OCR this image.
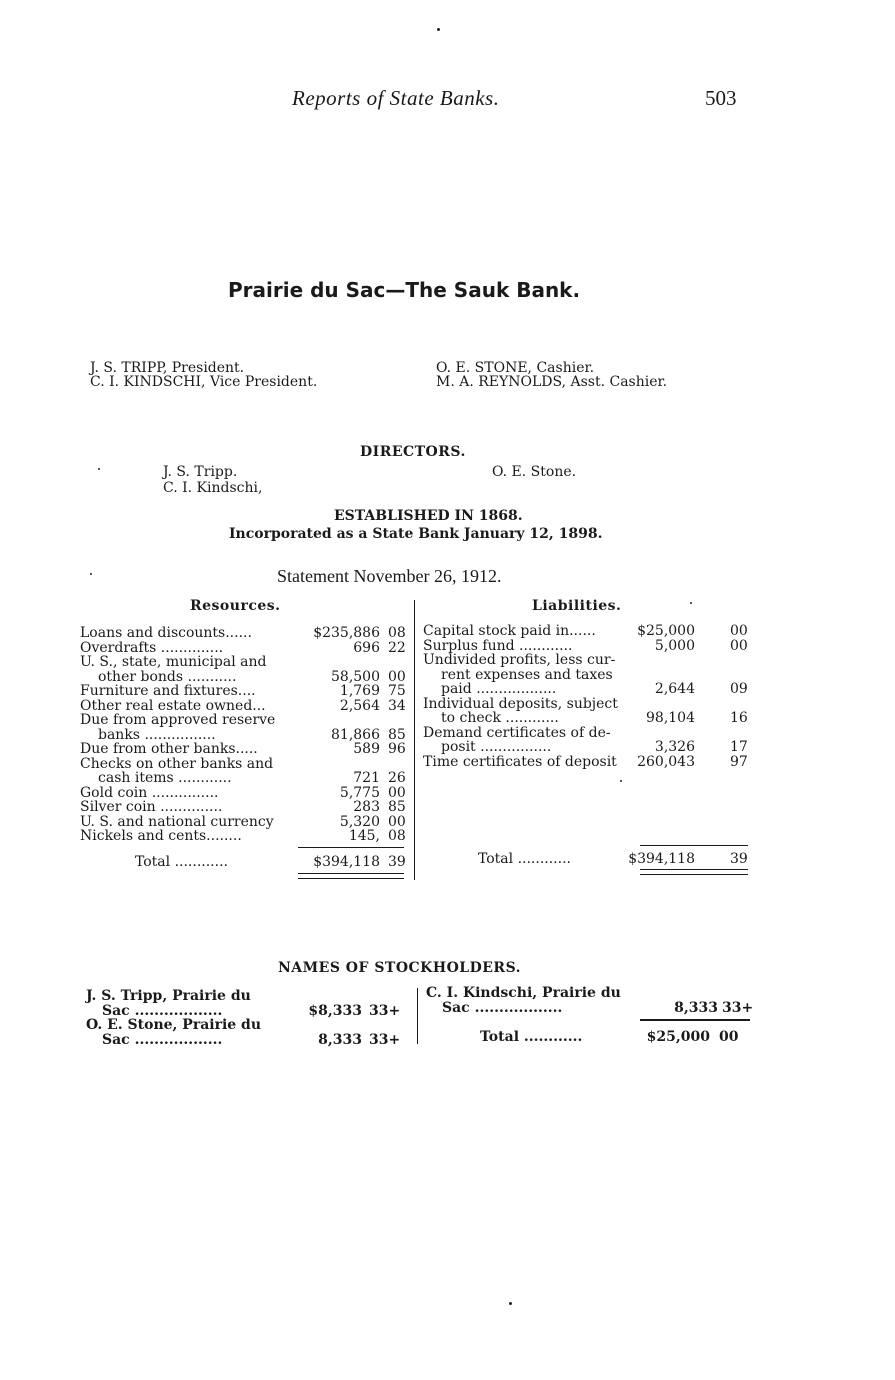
Reports of State Banks.	503
Prairie du Sac—The Sauk Bank.
J. S. TRIPP, President.
C. I. KINDSCHI, Vice President.
O. E. STONE, Cashier.
M. A. REYNOLDS, Asst. Cashier.
DIRECTORS.
J. S. Tripp.
C. I. Kindschi,
O. E. Stone.
ESTABLISHED IN 1868.
Incorporated as a State Bank January 12, 1898.
Statement November 26, 1912.
Resources.	Liabilities.
Loans and discounts......	$235,886 08
Overdrafts ..............	696 22
U. S., state, municipal and
other bonds ...........	58,500 00
Furniture and fixtures....	1,769 75
Other real estate owned...	2,564 34
Due from approved reserve
banks ................	81,866 85
Due from other banks.....	589 96
Checks on other banks and
cash items ............	721 26
Gold coin ...............	5,775 00
Silver coin ..............	283 85
U. S. and national currency	5,320 00
Nickels and cents........	145, 08
Total ............	$394,118 39
Capital stock paid in......	$25,000	00
Surplus fund ............	5,000	00
Undivided profits, less cur-
rent expenses and taxes
paid ..................	2,644	09
Individual deposits, subject
to check ............	98,104	16
Demand certificates of de-
posit ................	3,326	17
Time certificates of deposit 260,043	97
Total ............	$394,118	39
NAMES OF STOCKHOLDERS.
J. S. Tripp, Prairie du
Sac ..................	$8,333 33+
O. E. Stone, Prairie du
Sac ..................	8,333 33+
C. I. Kindschi, Prairie du
Sac ..................	8,333 33+
Total ............	$25,000 00
